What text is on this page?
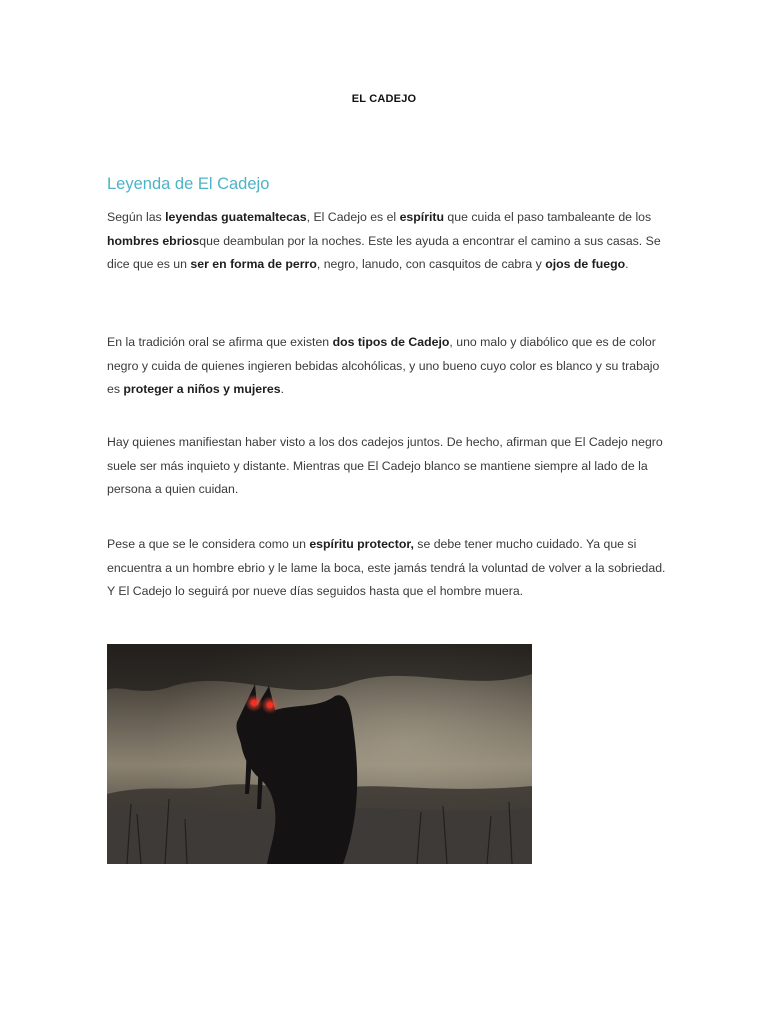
EL CADEJO
Leyenda de El Cadejo

Según las leyendas guatemaltecas, El Cadejo es el espíritu que cuida el paso tambaleante de los hombres ebriosque deambulan por la noches. Este les ayuda a encontrar el camino a sus casas. Se dice que es un ser en forma de perro, negro, lanudo, con casquitos de cabra y ojos de fuego.

En la tradición oral se afirma que existen dos tipos de Cadejo, uno malo y diabólico que es de color negro y cuida de quienes ingieren bebidas alcohólicas, y uno bueno cuyo color es blanco y su trabajo es proteger a niños y mujeres.

Hay quienes manifiestan haber visto a los dos cadejos juntos. De hecho, afirman que El Cadejo negro suele ser más inquieto y distante. Mientras que El Cadejo blanco se mantiene siempre al lado de la persona a quien cuidan.

Pese a que se le considera como un espíritu protector, se debe tener mucho cuidado. Ya que si encuentra a un hombre ebrio y le lame la boca, este jamás tendrá la voluntad de volver a la sobriedad. Y El Cadejo lo seguirá por nueve días seguidos hasta que el hombre muera.
